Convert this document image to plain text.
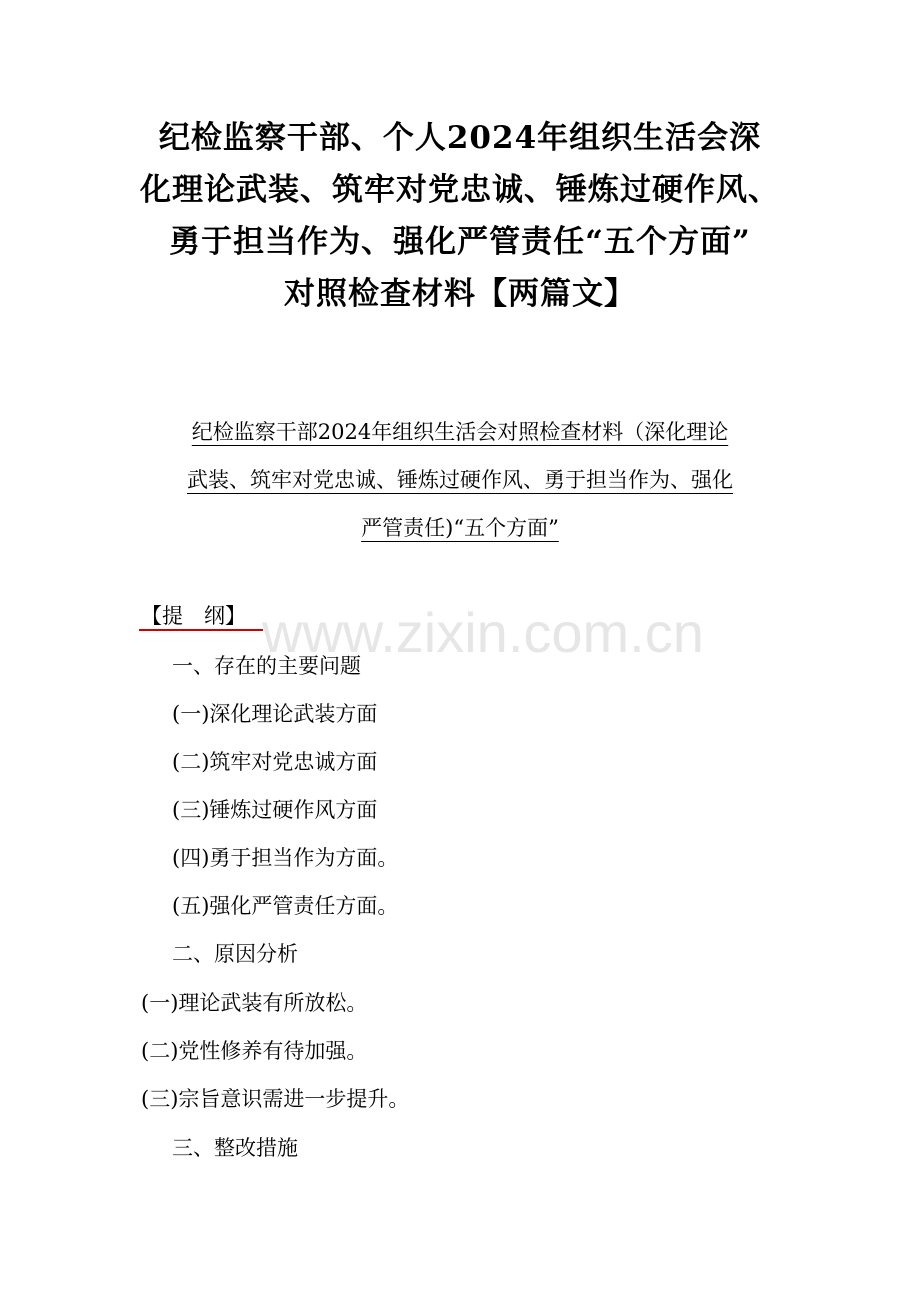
纪检监察干部、个人2024年组织生活会深
化理论武装、筑牢对党忠诚、锤炼过硬作风、
勇于担当作为、强化严管责任“五个方面”
对照检查材料【两篇文】
纪检监察干部2024年组织生活会对照检查材料（深化理论
武装、筑牢对党忠诚、锤炼过硬作风、勇于担当作为、强化
严管责任)“五个方面”
www.zixin.com.cn
【提　纲】
一、存在的主要问题
(一)深化理论武装方面
(二)筑牢对党忠诚方面
(三)锤炼过硬作风方面
(四)勇于担当作为方面。
(五)强化严管责任方面。
二、原因分析
(一)理论武装有所放松。
(二)党性修养有待加强。
(三)宗旨意识需进一步提升。
三、整改措施
